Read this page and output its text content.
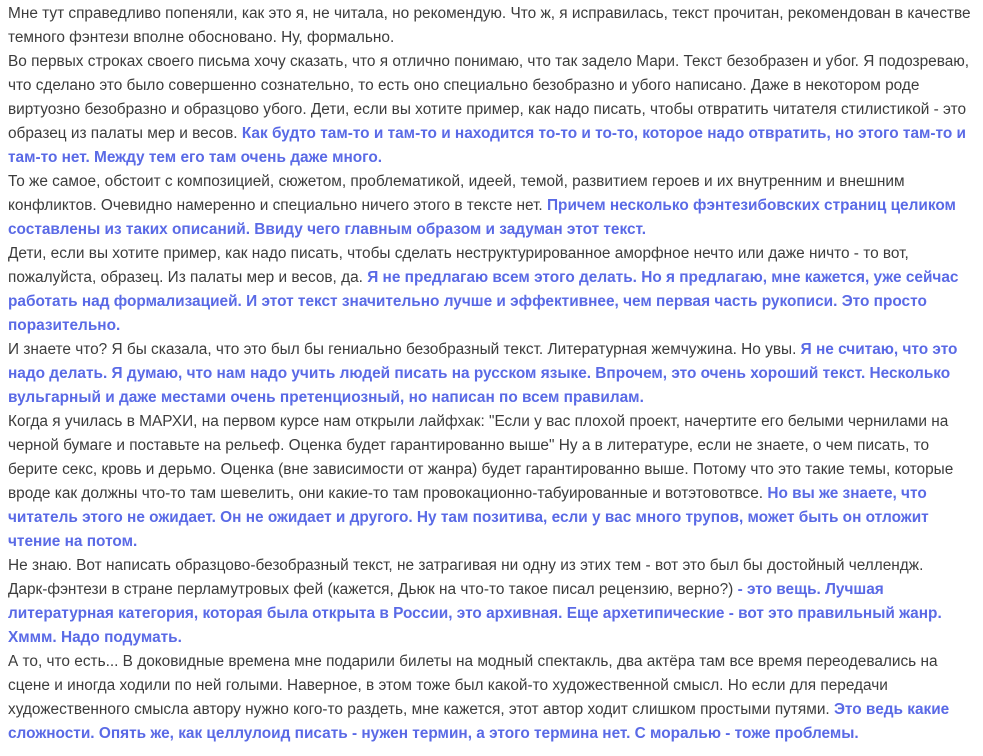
Мне тут справедливо попеняли, как это я, не читала, но рекомендую. Что ж, я исправилась, текст прочитан, рекомендован в качестве темного фэнтези вполне обосновано. Ну, формально.

Во первых строках своего письма хочу сказать, что я отлично понимаю, что так задело Мари. Текст безобразен и убог. Я подозреваю, что сделано это было совершенно сознательно, то есть оно специально безобразно и убого написано. Даже в некотором роде виртуозно безобразно и образцово убого. Дети, если вы хотите пример, как надо писать, чтобы отвратить читателя стилистикой - это образец из палаты мер и весов. Как будто там-то и там-то и находится то-то и то-то, которое надо отвратить, но этого там-то и там-то нет. Между тем его там очень даже много.

То же самое, обстоит с композицией, сюжетом, проблематикой, идеей, темой, развитием героев и их внутренним и внешним конфликтов. Очевидно намеренно и специально ничего этого в тексте нет. Причем несколько фэнтезибовских страниц целиком составлены из таких описаний. Ввиду чего главным образом и задуман этот текст.

Дети, если вы хотите пример, как надо писать, чтобы сделать неструктурированное аморфное нечто или даже ничто - то вот, пожалуйста, образец. Из палаты мер и весов, да. Я не предлагаю всем этого делать. Но я предлагаю, мне кажется, уже сейчас работать над формализацией. И этот текст значительно лучше и эффективнее, чем первая часть рукописи. Это просто поразительно.

И знаете что? Я бы сказала, что это был бы гениально безобразный текст. Литературная жемчужина. Но увы. Я не считаю, что это надо делать. Я думаю, что нам надо учить людей писать на русском языке. Впрочем, это очень хороший текст. Несколько вульгарный и даже местами очень претенциозный, но написан по всем правилам.

Когда я училась в МАРХИ, на первом курсе нам открыли лайфхак: "Если у вас плохой проект, начертите его белыми чернилами на черной бумаге и поставьте на рельеф. Оценка будет гарантированно выше" Ну а в литературе, если не знаете, о чем писать, то берите секс, кровь и дерьмо. Оценка (вне зависимости от жанра) будет гарантированно выше. Потому что это такие темы, которые вроде как должны что-то там шевелить, они какие-то там провокационно-табуированные и вотэтовотвсе. Но вы же знаете, что читатель этого не ожидает. Он не ожидает и другого. Ну там позитива, если у вас много трупов, может быть он отложит чтение на потом.

Не знаю. Вот написать образцово-безобразный текст, не затрагивая ни одну из этих тем - вот это был бы достойный челлендж.

Дарк-фэнтези в стране перламутровых фей (кажется, Дьюк на что-то такое писал рецензию, верно?) - это вещь. Лучшая литературная категория, которая была открыта в России, это архивная. Еще архетипические - вот это правильный жанр. Хммм. Надо подумать.

А то, что есть... В доковидные времена мне подарили билеты на модный спектакль, два актёра там все время переодевались на сцене и иногда ходили по ней голыми. Наверное, в этом тоже был какой-то художественной смысл. Но если для передачи художественного смысла автору нужно кого-то раздеть, мне кажется, этот автор ходит слишком простыми путями. Это ведь какие сложности. Опять же, как целлулоид писать - нужен термин, а этого термина нет. С моралью - тоже проблемы.
